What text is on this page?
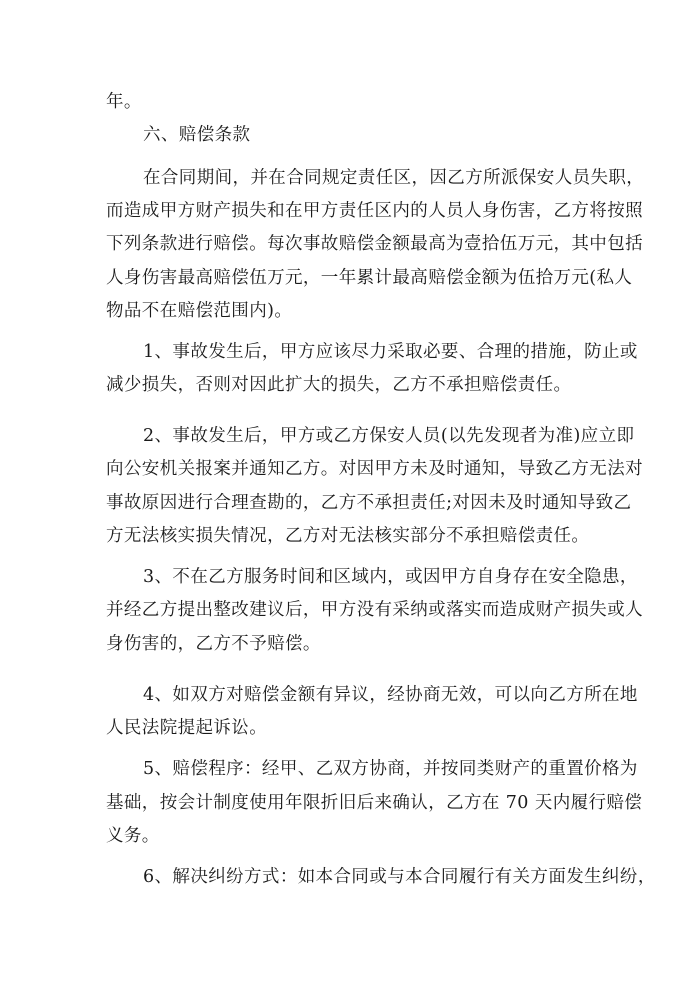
年。
六、赔偿条款
在合同期间，并在合同规定责任区，因乙方所派保安人员失职，
而造成甲方财产损失和在甲方责任区内的人员人身伤害，乙方将按照
下列条款进行赔偿。每次事故赔偿金额最高为壹拾伍万元，其中包括
人身伤害最高赔偿伍万元，一年累计最高赔偿金额为伍拾万元(私人
物品不在赔偿范围内)。
1、事故发生后，甲方应该尽力采取必要、合理的措施，防止或
减少损失，否则对因此扩大的损失，乙方不承担赔偿责任。
2、事故发生后，甲方或乙方保安人员(以先发现者为准)应立即
向公安机关报案并通知乙方。对因甲方未及时通知，导致乙方无法对
事故原因进行合理查勘的，乙方不承担责任;对因未及时通知导致乙
方无法核实损失情况，乙方对无法核实部分不承担赔偿责任。
3、不在乙方服务时间和区域内，或因甲方自身存在安全隐患，
并经乙方提出整改建议后，甲方没有采纳或落实而造成财产损失或人
身伤害的，乙方不予赔偿。
4、如双方对赔偿金额有异议，经协商无效，可以向乙方所在地
人民法院提起诉讼。
5、赔偿程序：经甲、乙双方协商，并按同类财产的重置价格为
基础，按会计制度使用年限折旧后来确认，乙方在 70 天内履行赔偿
义务。
6、解决纠纷方式：如本合同或与本合同履行有关方面发生纠纷，
